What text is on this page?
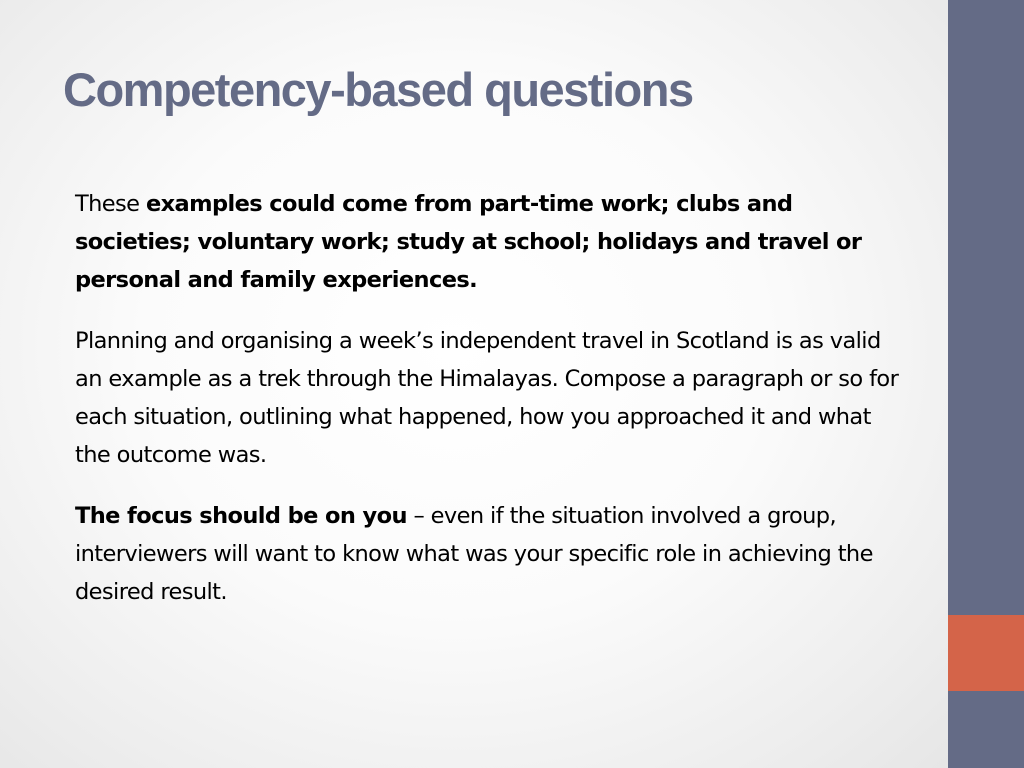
Competency-based questions

These examples could come from part-time work; clubs and societies; voluntary work; study at school; holidays and travel or personal and family experiences.

Planning and organising a week’s independent travel in Scotland is as valid an example as a trek through the Himalayas. Compose a paragraph or so for each situation, outlining what happened, how you approached it and what the outcome was.

The focus should be on you – even if the situation involved a group, interviewers will want to know what was your specific role in achieving the desired result.
